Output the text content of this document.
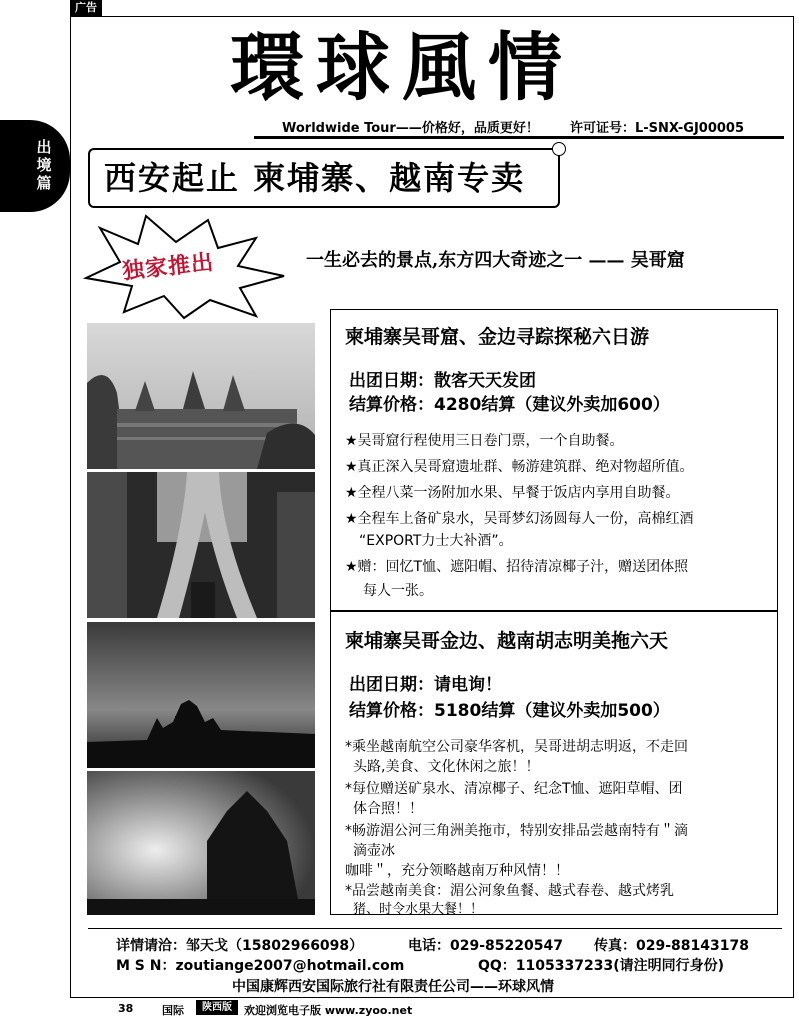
广告
出境篇
環球風情
Worldwide Tour——价格好，品质更好！ 许可证号：L-SNX-GJ00005
西安起止 柬埔寨、越南专卖
独家推出	一生必去的景点,东方四大奇迹之一 —— 吴哥窟
柬埔寨吴哥窟、金边寻踪探秘六日游
出团日期：散客天天发团
结算价格：4280结算（建议外卖加600）
★吴哥窟行程使用三日卷门票，一个自助餐。
★真正深入吴哥窟遗址群、畅游建筑群、绝对物超所值。
★全程八菜一汤附加水果、早餐于饭店内享用自助餐。
★全程车上备矿泉水，吴哥梦幻汤圆每人一份，高棉红酒
“EXPORT力士大补酒”。
★赠：回忆T恤、遮阳帽、招待清凉椰子汁，赠送团体照
每人一张。
柬埔寨吴哥金边、越南胡志明美拖六天
出团日期：请电询！
结算价格：5180结算（建议外卖加500）
*乘坐越南航空公司豪华客机，吴哥进胡志明返，不走回
头路,美食、文化休闲之旅！！
*每位赠送矿泉水、清凉椰子、纪念T恤、遮阳草帽、团
体合照！！
*畅游湄公河三角洲美拖市，特别安排品尝越南特有＂滴
滴壶冰
咖啡＂，充分领略越南万种风情！！
*品尝越南美食：湄公河象鱼餐、越式春卷、越式烤乳
猪、时令水果大餐！！
详情请洽：邹天戈（15802966098）	电话：029-85220547 传真：029-88143178
M S N：zoutiange2007@hotmail.com	QQ：1105337233(请注明同行身份)
中国康辉西安国际旅行社有限责任公司——环球风情
38	国际	陕西版	欢迎浏览电子版 www.zyoo.net
